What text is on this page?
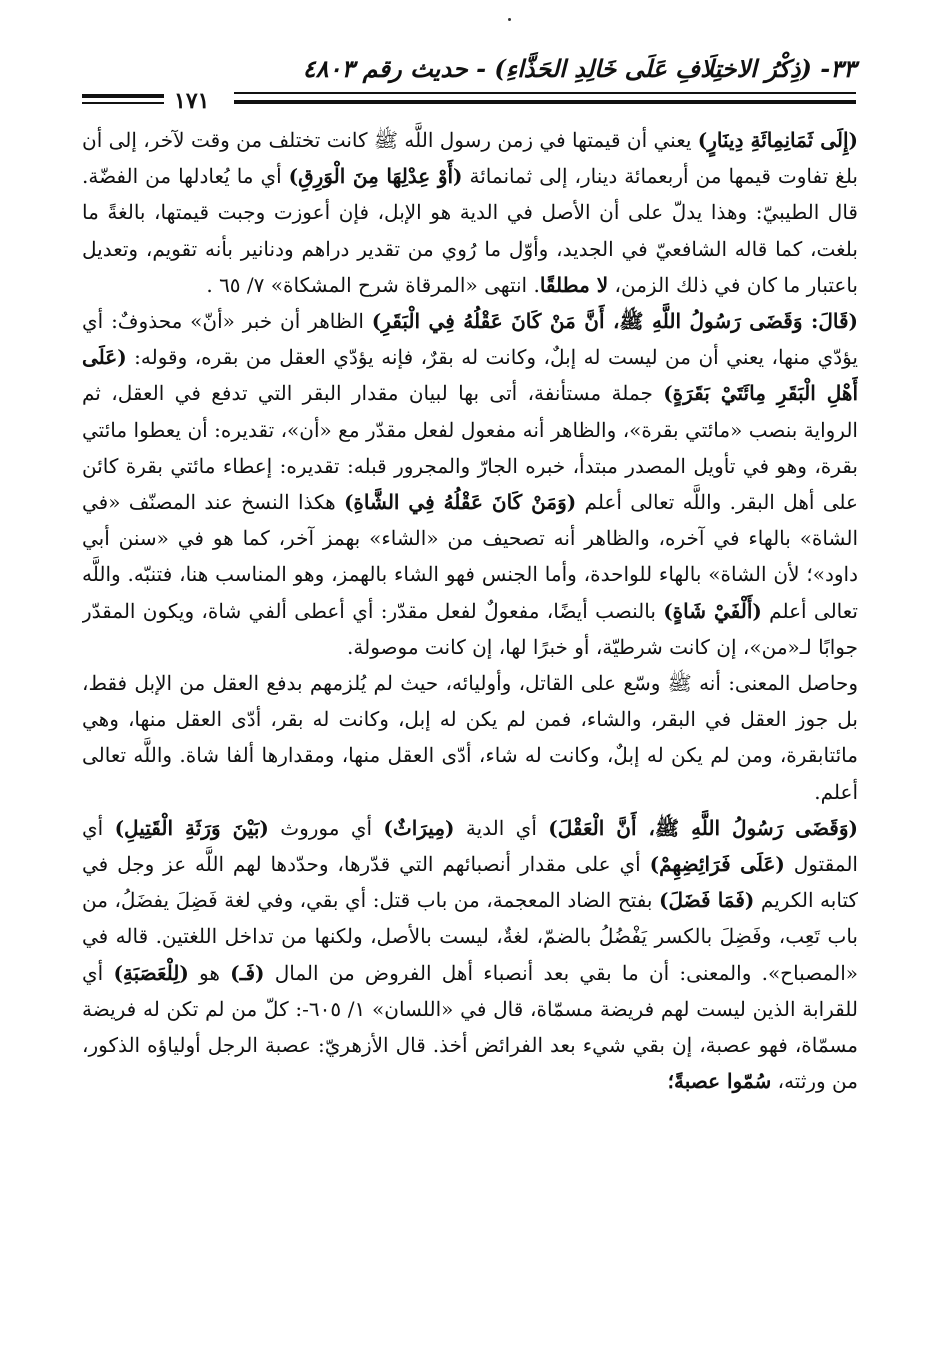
٣٣- (ذِكْرُ الاختِلَافِ عَلَى خَالِدِ الحَذَّاءِ) - حديث رقم ٤٨٠٣
١٧١

(إِلَى ثَمَانِمِائَةِ دِينَارٍ) يعني أن قيمتها في زمن رسول اللَّه ﷺ كانت تختلف من وقت لآخر، إلى أن بلغ تفاوت قيمها من أربعمائة دينار، إلى ثمانمائة (أَوْ عِدْلِهَا مِنَ الْوَرِقِ) أي ما يُعادلها من الفضّة. قال الطيبيّ: وهذا يدلّ على أن الأصل في الدية هو الإبل، فإن أعوزت وجبت قيمتها، بالغةً ما بلغت، كما قاله الشافعيّ في الجديد، وأوّل ما رُوي من تقدير دراهم ودنانير بأنه تقويم، وتعديل باعتبار ما كان في ذلك الزمن، لا مطلقًا. انتهى «المرقاة شرح المشكاة» ٧/ ٦٥ .

(قَالَ: وَقَضَى رَسُولُ اللَّهِ ﷺ، أَنَّ مَنْ كَانَ عَقْلُهُ فِي الْبَقَرِ) الظاهر أن خبر «أنّ» محذوفٌ: أي يؤدّي منها، يعني أن من ليست له إبلٌ، وكانت له بقرٌ، فإنه يؤدّي العقل من بقره، وقوله: (عَلَى أَهْلِ الْبَقَرِ مِائَتَيْ بَقَرَةٍ) جملة مستأنفة، أتى بها لبيان مقدار البقر التي تدفع في العقل، ثم الرواية بنصب «مائتي بقرة»، والظاهر أنه مفعول لفعل مقدّر مع «أن»، تقديره: أن يعطوا مائتي بقرة، وهو في تأويل المصدر مبتدأ، خبره الجارّ والمجرور قبله: تقديره: إعطاء مائتي بقرة كائن على أهل البقر. واللَّه تعالى أعلم (وَمَنْ كَانَ عَقْلُهُ فِي الشَّاةِ) هكذا النسخ عند المصنّف «في الشاة» بالهاء في آخره، والظاهر أنه تصحيف من «الشاء» بهمز آخر، كما هو في «سنن أبي داود»؛ لأن الشاة» بالهاء للواحدة، وأما الجنس فهو الشاء بالهمز، وهو المناسب هنا، فتنبّه. واللَّه تعالى أعلم (أَلْفَيْ شَاةٍ) بالنصب أيضًا، مفعولٌ لفعل مقدّر: أي أعطى ألفي شاة، ويكون المقدّر جوابًا لـ«من»، إن كانت شرطيّة، أو خبرًا لها، إن كانت موصولة.

وحاصل المعنى: أنه ﷺ وسّع على القاتل، وأوليائه، حيث لم يُلزمهم بدفع العقل من الإبل فقط، بل جوز العقل في البقر، والشاء، فمن لم يكن له إبل، وكانت له بقر، أدّى العقل منها، وهي مائتابقرة، ومن لم يكن له إبلٌ، وكانت له شاء، أدّى العقل منها، ومقدارها ألفا شاة. واللَّه تعالى أعلم.

(وَقَضَى رَسُولُ اللَّهِ ﷺ، أَنَّ الْعَقْلَ) أي الدية (مِيرَاثٌ) أي موروث (بَيْنَ وَرَثَةِ الْقَتِيلِ) أي المقتول (عَلَى فَرَائِضِهِمْ) أي على مقدار أنصبائهم التي قدّرها، وحدّدها لهم اللَّه عز وجل في كتابه الكريم (فَمَا فَضَلَ) بفتح الضاد المعجمة، من باب قتل: أي بقي، وفي لغة فَضِلَ يفضَلُ، من باب تَعِب، وفَضِلَ بالكسر يَفْضُلُ بالضمّ، لغةٌ، ليست بالأصل، ولكنها من تداخل اللغتين. قاله في «المصباح». والمعنى: أن ما بقي بعد أنصباء أهل الفروض من المال (فَـ) هو (لِلْعَصَبَةِ) أي للقرابة الذين ليست لهم فريضة مسمّاة، قال في «اللسان» ١/ ٦٠٥-: كلّ من لم تكن له فريضة مسمّاة، فهو عصبة، إن بقي شيء بعد الفرائض أخذ. قال الأزهريّ: عصبة الرجل أولياؤه الذكور، من ورثته، سُمّوا عصبةً؛
